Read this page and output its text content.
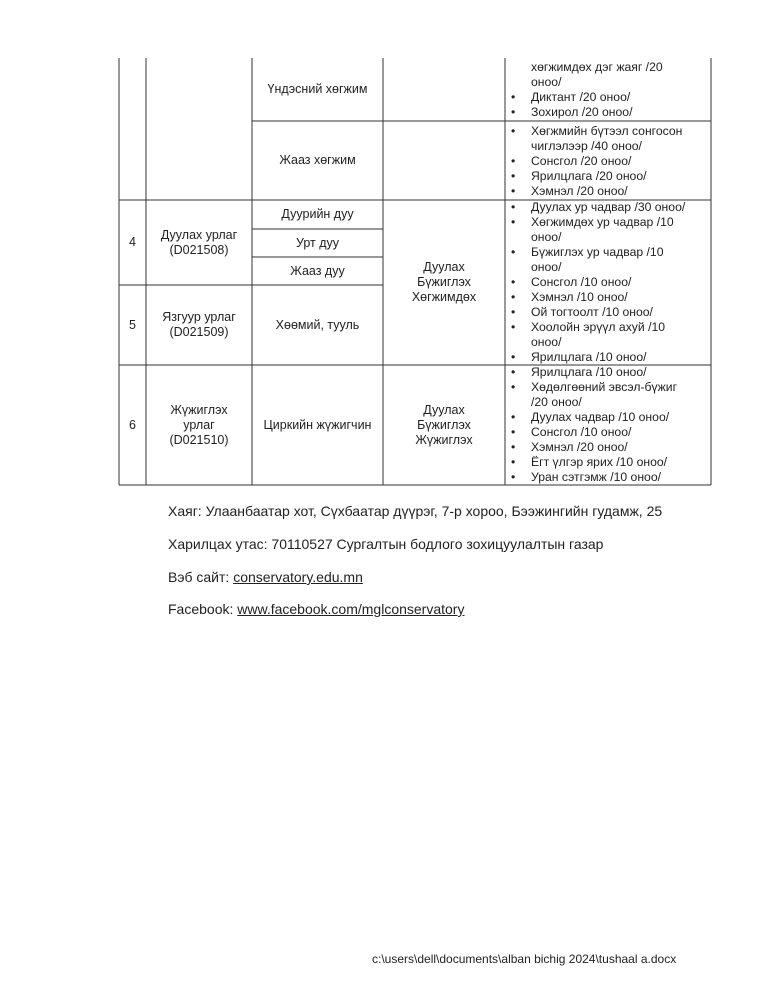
Үндэсний хөгжим
Жааз хөгжим
хөгжимдөх дэг жаяг /20
оноо/
• Диктант /20 оноо/
• Зохирол /20 оноо/
• Хөгжмийн бүтээл сонгосон
чиглэлээр /40 оноо/
• Сонсгол /20 оноо/
• Ярилцлага /20 оноо/
• Хэмнэл /20 оноо/
4
Дуулах урлаг
(D021508)
Дуурийн дуу
Урт дуу
Жааз дуу
5
Язгуур урлаг
(D021509)
Хөөмий, тууль
Дуулах
Бүжиглэх
Хөгжимдөх
• Дуулах ур чадвар /30 оноо/
• Хөгжимдөх ур чадвар /10
оноо/
• Бүжиглэх ур чадвар /10
оноо/
• Сонсгол /10 оноо/
• Хэмнэл /10 оноо/
• Ой тогтоолт /10 оноо/
• Хоолойн эрүүл ахуй /10
оноо/
• Ярилцлага /10 оноо/
6
Жүжиглэх
урлаг
(D021510)
Циркийн жүжигчин
Дуулах
Бүжиглэх
Жүжиглэх
• Ярилцлага /10 оноо/
• Хөдөлгөөний эвсэл-бүжиг
/20 оноо/
• Дуулах чадвар /10 оноо/
• Сонсгол /10 оноо/
• Хэмнэл /20 оноо/
• Ёгт үлгэр ярих /10 оноо/
• Уран сэтгэмж /10 оноо/
Хаяг: Улаанбаатар хот, Сүхбаатар дүүрэг, 7-р хороо, Бээжингийн гудамж, 25
Харилцах утас: 70110527 Сургалтын бодлого зохицуулалтын газар
Вэб сайт: conservatory.edu.mn
Facebook: www.facebook.com/mglconservatory
c:\users\dell\documents\alban bichig 2024\tushaal a.docx
